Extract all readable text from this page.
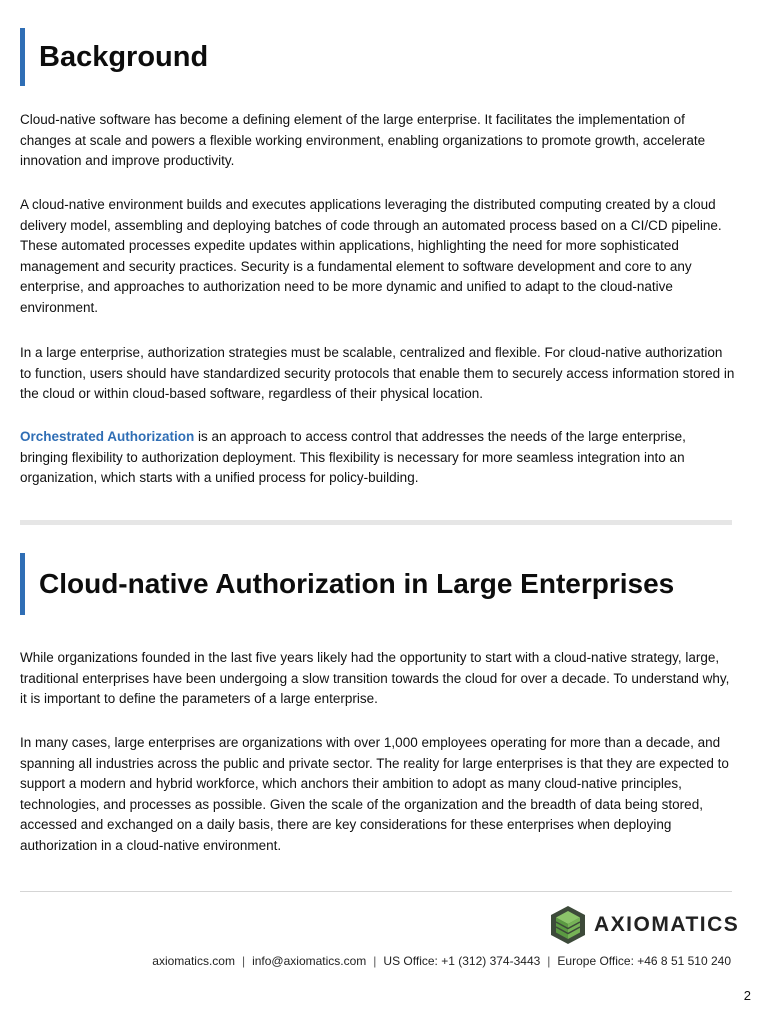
Background

Cloud-native software has become a defining element of the large enterprise. It facilitates the implementation of changes at scale and powers a flexible working environment, enabling organizations to promote growth, accelerate innovation and improve productivity.

A cloud-native environment builds and executes applications leveraging the distributed computing created by a cloud delivery model, assembling and deploying batches of code through an automated process based on a CI/CD pipeline. These automated processes expedite updates within applications, highlighting the need for more sophisticated management and security practices. Security is a fundamental element to software development and core to any enterprise, and approaches to authorization need to be more dynamic and unified to adapt to the cloud-native environment.

In a large enterprise, authorization strategies must be scalable, centralized and flexible. For cloud-native authorization to function, users should have standardized security protocols that enable them to securely access information stored in the cloud or within cloud-based software, regardless of their physical location.

Orchestrated Authorization is an approach to access control that addresses the needs of the large enterprise, bringing flexibility to authorization deployment. This flexibility is necessary for more seamless integration into an organization, which starts with a unified process for policy-building.

Cloud-native Authorization in Large Enterprises

While organizations founded in the last five years likely had the opportunity to start with a cloud-native strategy, large, traditional enterprises have been undergoing a slow transition towards the cloud for over a decade. To understand why, it is important to define the parameters of a large enterprise.

In many cases, large enterprises are organizations with over 1,000 employees operating for more than a decade, and spanning all industries across the public and private sector. The reality for large enterprises is that they are expected to support a modern and hybrid workforce, which anchors their ambition to adopt as many cloud-native principles, technologies, and processes as possible. Given the scale of the organization and the breadth of data being stored, accessed and exchanged on a daily basis, there are key considerations for these enterprises when deploying authorization in a cloud-native environment.

AXIOMATICS
axiomatics.com | info@axiomatics.com | US Office: +1 (312) 374-3443 | Europe Office: +46 8 51 510 240
2
